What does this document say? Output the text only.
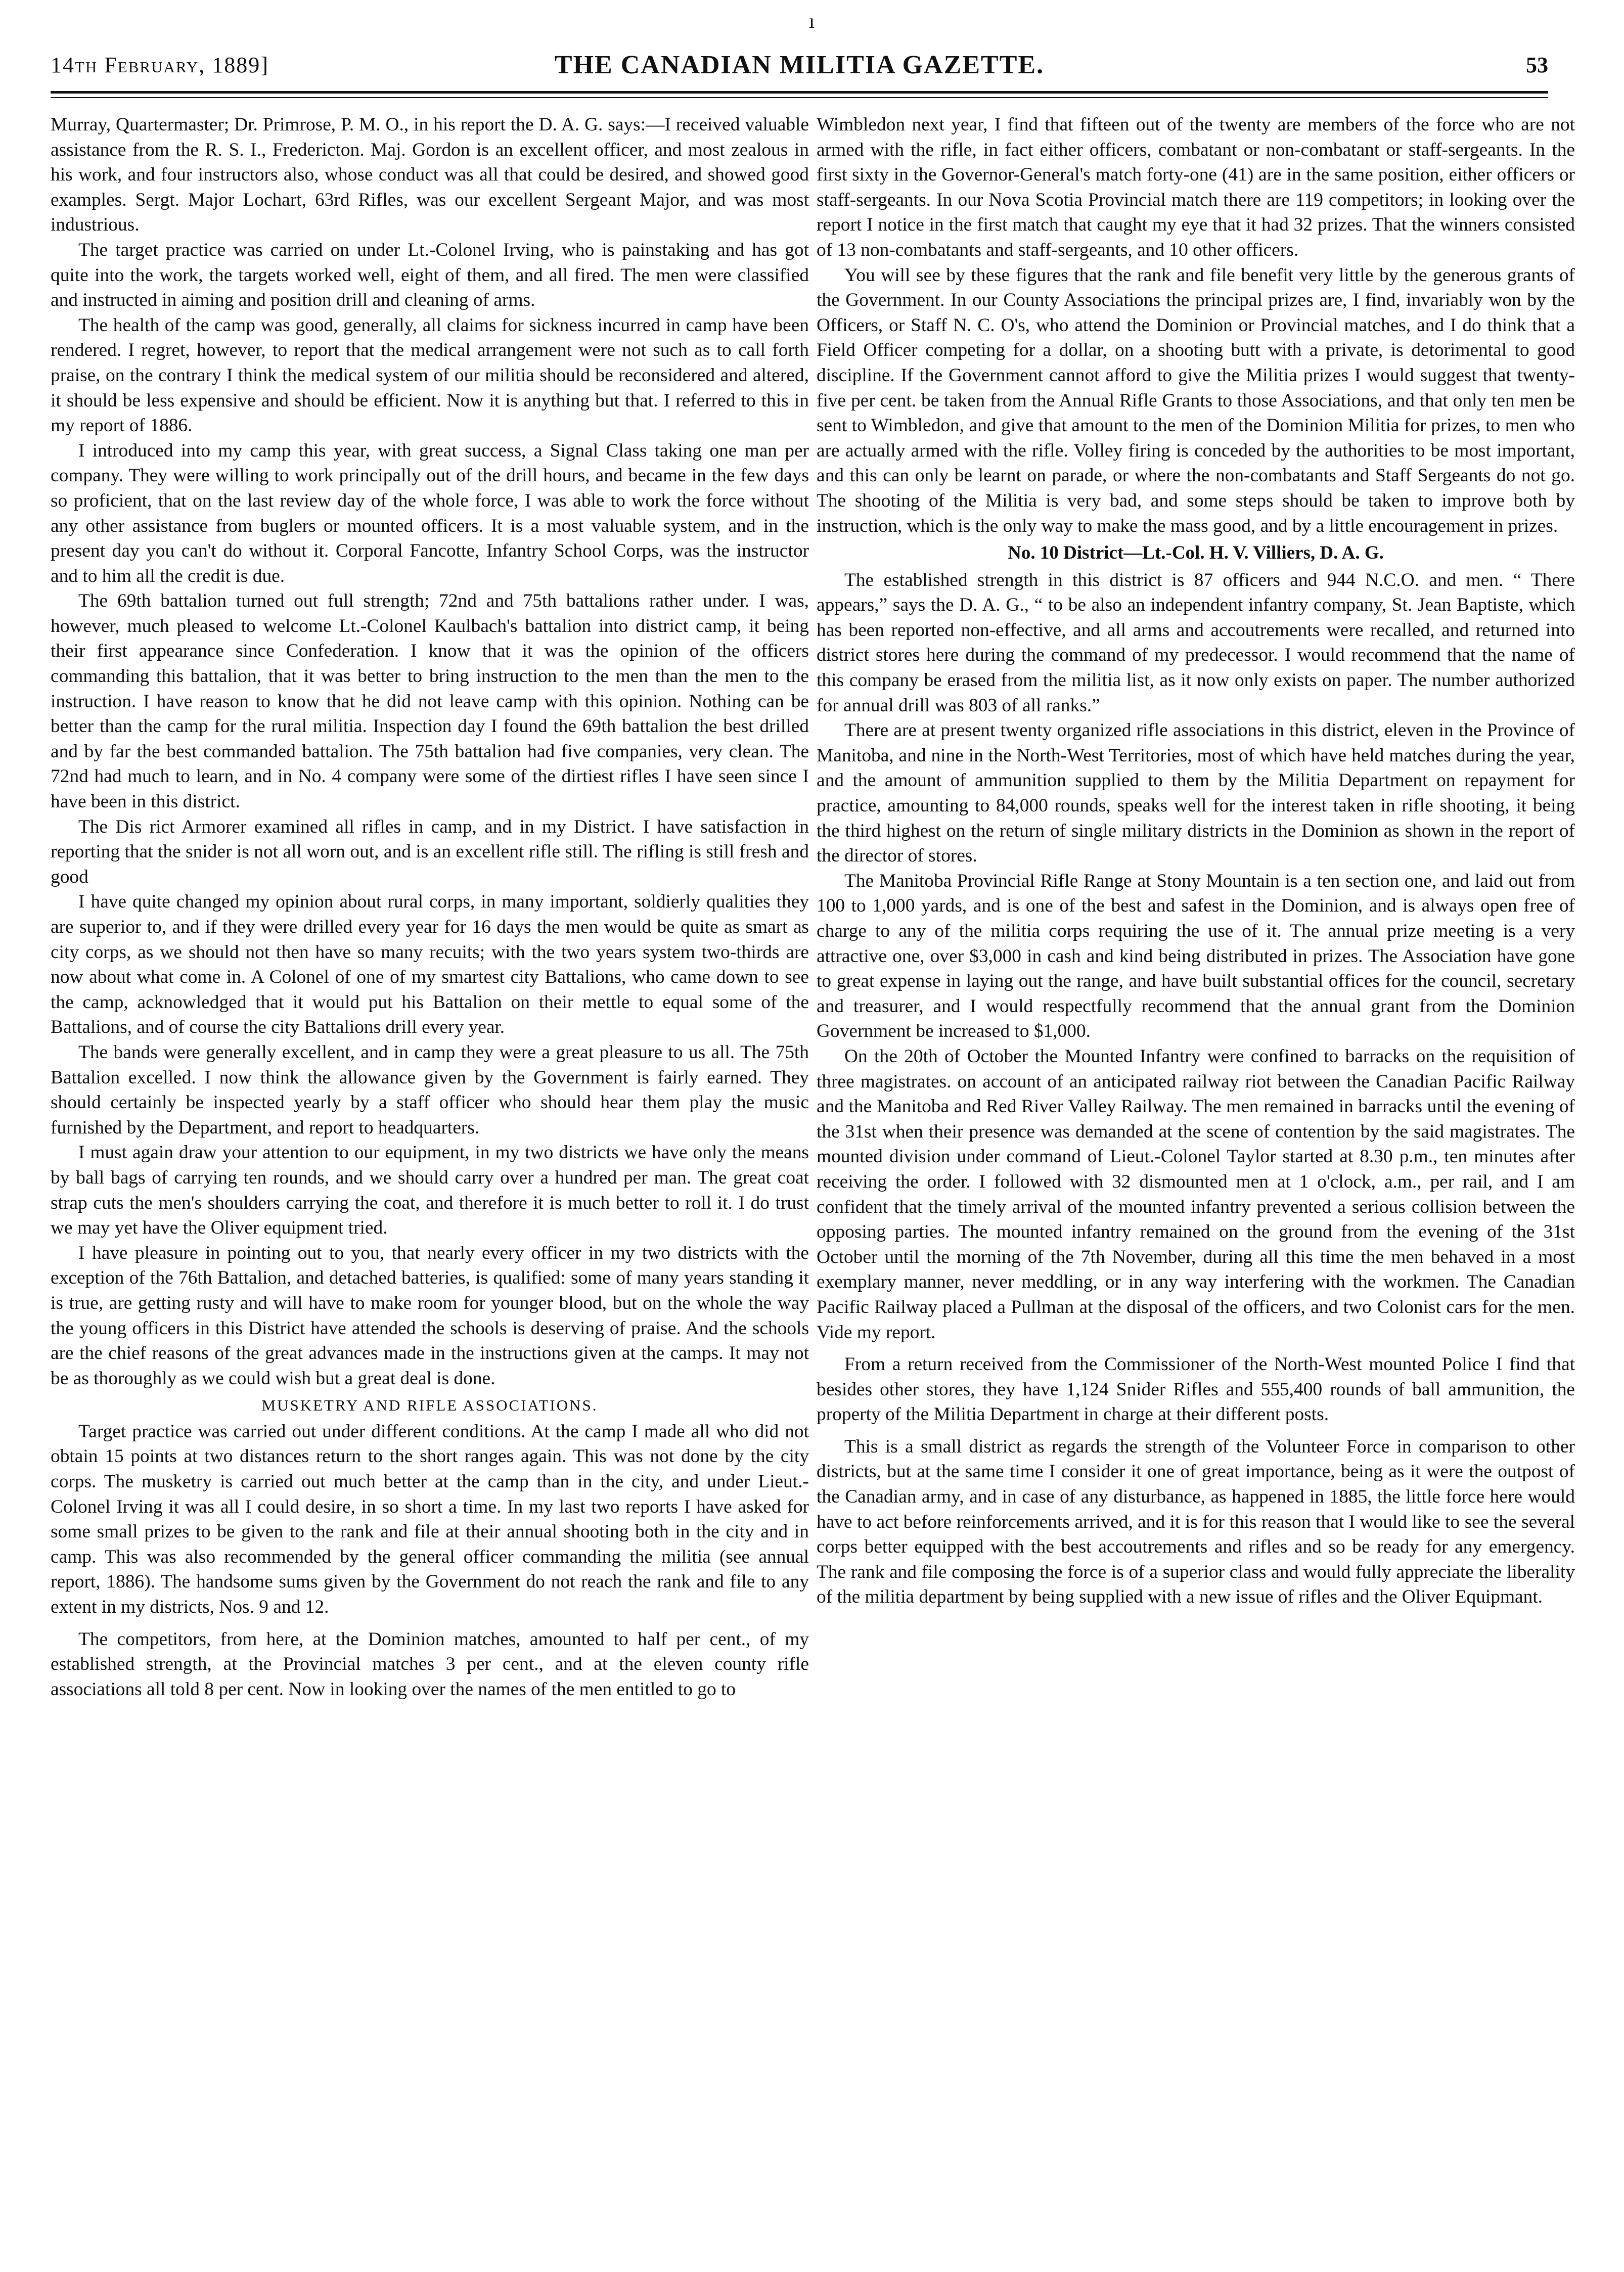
ı
14th February, 1889]	THE CANADIAN MILITIA GAZETTE.	53

Murray, Quartermaster; Dr. Primrose, P. M. O., in his report the D. A. G. says:—I received valuable assistance from the R. S. I., Fredericton. Maj. Gordon is an excellent officer, and most zealous in his work, and four instructors also, whose conduct was all that could be desired, and showed good examples. Sergt. Major Lochart, 63rd Rifles, was our excellent Sergeant Major, and was most industrious.

The target practice was carried on under Lt.-Colonel Irving, who is painstaking and has got quite into the work, the targets worked well, eight of them, and all fired. The men were classified and instructed in aiming and position drill and cleaning of arms.

The health of the camp was good, generally, all claims for sickness incurred in camp have been rendered. I regret, however, to report that the medical arrangement were not such as to call forth praise, on the contrary I think the medical system of our militia should be reconsidered and altered, it should be less expensive and should be efficient. Now it is anything but that. I referred to this in my report of 1886.

I introduced into my camp this year, with great success, a Signal Class taking one man per company. They were willing to work principally out of the drill hours, and became in the few days so proficient, that on the last review day of the whole force, I was able to work the force without any other assistance from buglers or mounted officers. It is a most valuable system, and in the present day you can't do without it. Corporal Fancotte, Infantry School Corps, was the instructor and to him all the credit is due.

The 69th battalion turned out full strength; 72nd and 75th battalions rather under. I was, however, much pleased to welcome Lt.-Colonel Kaulbach's battalion into district camp, it being their first appearance since Confederation. I know that it was the opinion of the officers commanding this battalion, that it was better to bring instruction to the men than the men to the instruction. I have reason to know that he did not leave camp with this opinion. Nothing can be better than the camp for the rural militia. Inspection day I found the 69th battalion the best drilled and by far the best commanded battalion. The 75th battalion had five companies, very clean. The 72nd had much to learn, and in No. 4 company were some of the dirtiest rifles I have seen since I have been in this district.

The Dis rict Armorer examined all rifles in camp, and in my District. I have satisfaction in reporting that the snider is not all worn out, and is an excellent rifle still. The rifling is still fresh and good

I have quite changed my opinion about rural corps, in many important, soldierly qualities they are superior to, and if they were drilled every year for 16 days the men would be quite as smart as city corps, as we should not then have so many recuits; with the two years system two-thirds are now about what come in. A Colonel of one of my smartest city Battalions, who came down to see the camp, acknowledged that it would put his Battalion on their mettle to equal some of the Battalions, and of course the city Battalions drill every year.

The bands were generally excellent, and in camp they were a great pleasure to us all. The 75th Battalion excelled. I now think the allowance given by the Government is fairly earned. They should certainly be inspected yearly by a staff officer who should hear them play the music furnished by the Department, and report to headquarters.

I must again draw your attention to our equipment, in my two districts we have only the means by ball bags of carrying ten rounds, and we should carry over a hundred per man. The great coat strap cuts the men's shoulders carrying the coat, and therefore it is much better to roll it. I do trust we may yet have the Oliver equipment tried.

I have pleasure in pointing out to you, that nearly every officer in my two districts with the exception of the 76th Battalion, and detached batteries, is qualified: some of many years standing it is true, are getting rusty and will have to make room for younger blood, but on the whole the way the young officers in this District have attended the schools is deserving of praise. And the schools are the chief reasons of the great advances made in the instructions given at the camps. It may not be as thoroughly as we could wish but a great deal is done.

MUSKETRY AND RIFLE ASSOCIATIONS.

Target practice was carried out under different conditions. At the camp I made all who did not obtain 15 points at two distances return to the short ranges again. This was not done by the city corps. The musketry is carried out much better at the camp than in the city, and under Lieut.-Colonel Irving it was all I could desire, in so short a time. In my last two reports I have asked for some small prizes to be given to the rank and file at their annual shooting both in the city and in camp. This was also recommended by the general officer commanding the militia (see annual report, 1886). The handsome sums given by the Government do not reach the rank and file to any extent in my districts, Nos. 9 and 12.

The competitors, from here, at the Dominion matches, amounted to half per cent., of my established strength, at the Provincial matches 3 per cent., and at the eleven county rifle associations all told 8 per cent. Now in looking over the names of the men entitled to go to

Wimbledon next year, I find that fifteen out of the twenty are members of the force who are not armed with the rifle, in fact either officers, combatant or non-combatant or staff-sergeants. In the first sixty in the Governor-General's match forty-one (41) are in the same position, either officers or staff-sergeants. In our Nova Scotia Provincial match there are 119 competitors; in looking over the report I notice in the first match that caught my eye that it had 32 prizes. That the winners consisted of 13 non-combatants and staff-sergeants, and 10 other officers.

You will see by these figures that the rank and file benefit very little by the generous grants of the Government. In our County Associations the principal prizes are, I find, invariably won by the Officers, or Staff N. C. O's, who attend the Dominion or Provincial matches, and I do think that a Field Officer competing for a dollar, on a shooting butt with a private, is detorimental to good discipline. If the Government cannot afford to give the Militia prizes I would suggest that twenty-five per cent. be taken from the Annual Rifle Grants to those Associations, and that only ten men be sent to Wimbledon, and give that amount to the men of the Dominion Militia for prizes, to men who are actually armed with the rifle. Volley firing is conceded by the authorities to be most important, and this can only be learnt on parade, or where the non-combatants and Staff Sergeants do not go. The shooting of the Militia is very bad, and some steps should be taken to improve both by instruction, which is the only way to make the mass good, and by a little encouragement in prizes.

No. 10 District—Lt.-Col. H. V. Villiers, D. A. G.

The established strength in this district is 87 officers and 944 N.C.O. and men. “ There appears,” says the D. A. G., “ to be also an independent infantry company, St. Jean Baptiste, which has been reported non-effective, and all arms and accoutrements were recalled, and returned into district stores here during the command of my predecessor. I would recommend that the name of this company be erased from the militia list, as it now only exists on paper. The number authorized for annual drill was 803 of all ranks.”

There are at present twenty organized rifle associations in this district, eleven in the Province of Manitoba, and nine in the North-West Territories, most of which have held matches during the year, and the amount of ammunition supplied to them by the Militia Department on repayment for practice, amounting to 84,000 rounds, speaks well for the interest taken in rifle shooting, it being the third highest on the return of single military districts in the Dominion as shown in the report of the director of stores.

The Manitoba Provincial Rifle Range at Stony Mountain is a ten section one, and laid out from 100 to 1,000 yards, and is one of the best and safest in the Dominion, and is always open free of charge to any of the militia corps requiring the use of it. The annual prize meeting is a very attractive one, over $3,000 in cash and kind being distributed in prizes. The Association have gone to great expense in laying out the range, and have built substantial offices for the council, secretary and treasurer, and I would respectfully recommend that the annual grant from the Dominion Government be increased to $1,000.

On the 20th of October the Mounted Infantry were confined to barracks on the requisition of three magistrates. on account of an anticipated railway riot between the Canadian Pacific Railway and the Manitoba and Red River Valley Railway. The men remained in barracks until the evening of the 31st when their presence was demanded at the scene of contention by the said magistrates. The mounted division under command of Lieut.-Colonel Taylor started at 8.30 p.m., ten minutes after receiving the order. I followed with 32 dismounted men at 1 o'clock, a.m., per rail, and I am confident that the timely arrival of the mounted infantry prevented a serious collision between the opposing parties. The mounted infantry remained on the ground from the evening of the 31st October until the morning of the 7th November, during all this time the men behaved in a most exemplary manner, never meddling, or in any way interfering with the workmen. The Canadian Pacific Railway placed a Pullman at the disposal of the officers, and two Colonist cars for the men. Vide my report.

From a return received from the Commissioner of the North-West mounted Police I find that besides other stores, they have 1,124 Snider Rifles and 555,400 rounds of ball ammunition, the property of the Militia Department in charge at their different posts.

This is a small district as regards the strength of the Volunteer Force in comparison to other districts, but at the same time I consider it one of great importance, being as it were the outpost of the Canadian army, and in case of any disturbance, as happened in 1885, the little force here would have to act before reinforcements arrived, and it is for this reason that I would like to see the several corps better equipped with the best accoutrements and rifles and so be ready for any emergency. The rank and file composing the force is of a superior class and would fully appreciate the liberality of the militia department by being supplied with a new issue of rifles and the Oliver Equipmant.
